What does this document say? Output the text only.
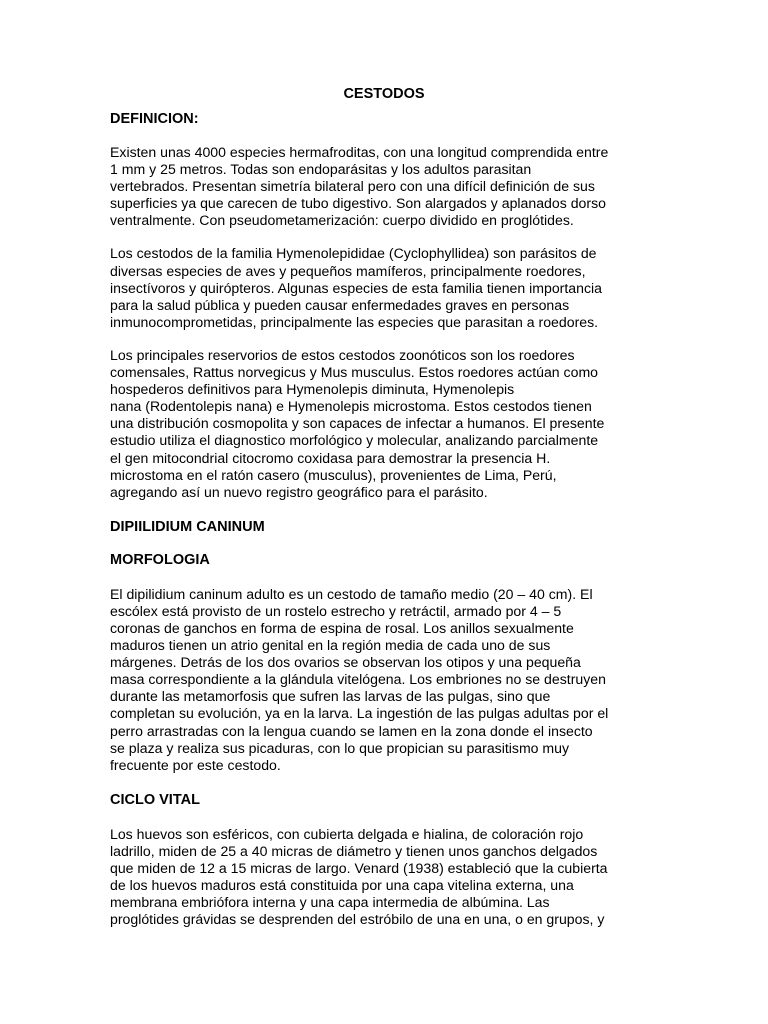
CESTODOS
DEFINICION:
Existen unas 4000 especies hermafroditas, con una longitud comprendida entre
1 mm y 25 metros. Todas son endoparásitas y los adultos parasitan
vertebrados. Presentan simetría bilateral pero con una difícil definición de sus
superficies ya que carecen de tubo digestivo. Son alargados y aplanados dorso
ventralmente. Con pseudometamerización: cuerpo dividido en proglótides.
Los cestodos de la familia Hymenolepididae (Cyclophyllidea) son parásitos de
diversas especies de aves y pequeños mamíferos, principalmente roedores,
insectívoros y quirópteros. Algunas especies de esta familia tienen importancia
para la salud pública y pueden causar enfermedades graves en personas
inmunocomprometidas, principalmente las especies que parasitan a roedores.
Los principales reservorios de estos cestodos zoonóticos son los roedores
comensales, Rattus norvegicus y Mus musculus. Estos roedores actúan como
hospederos definitivos para Hymenolepis diminuta, Hymenolepis
nana (Rodentolepis nana) e Hymenolepis microstoma. Estos cestodos tienen
una distribución cosmopolita y son capaces de infectar a humanos. El presente
estudio utiliza el diagnostico morfológico y molecular, analizando parcialmente
el gen mitocondrial citocromo coxidasa para demostrar la presencia H.
microstoma en el ratón casero (musculus), provenientes de Lima, Perú,
agregando así un nuevo registro geográfico para el parásito.
DIPIILIDIUM CANINUM
MORFOLOGIA
El dipilidium caninum adulto es un cestodo de tamaño medio (20 – 40 cm). El
escólex está provisto de un rostelo estrecho y retráctil, armado por 4 – 5
coronas de ganchos en forma de espina de rosal. Los anillos sexualmente
maduros tienen un atrio genital en la región media de cada uno de sus
márgenes. Detrás de los dos ovarios se observan los otipos y una pequeña
masa correspondiente a la glándula vitelógena. Los embriones no se destruyen
durante las metamorfosis que sufren las larvas de las pulgas, sino que
completan su evolución, ya en la larva. La ingestión de las pulgas adultas por el
perro arrastradas con la lengua cuando se lamen en la zona donde el insecto
se plaza y realiza sus picaduras, con lo que propician su parasitismo muy
frecuente por este cestodo.
CICLO VITAL
Los huevos son esféricos, con cubierta delgada e hialina, de coloración rojo
ladrillo, miden de 25 a 40 micras de diámetro y tienen unos ganchos delgados
que miden de 12 a 15 micras de largo. Venard (1938) estableció que la cubierta
de los huevos maduros está constituida por una capa vitelina externa, una
membrana embriófora interna y una capa intermedia de albúmina. Las
proglótides grávidas se desprenden del estróbilo de una en una, o en grupos, y
